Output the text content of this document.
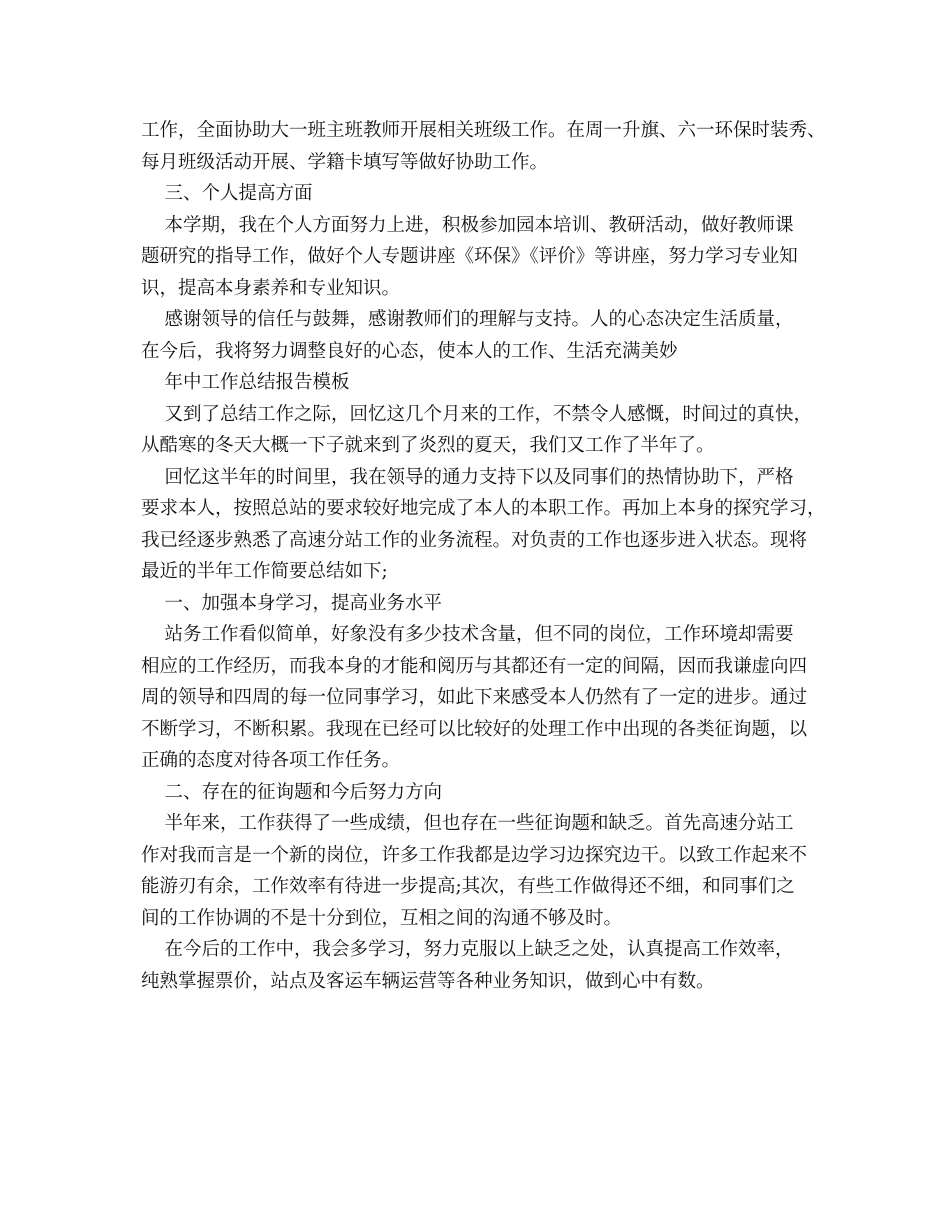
工作，全面协助大一班主班教师开展相关班级工作。在周一升旗、六一环保时装秀、
每月班级活动开展、学籍卡填写等做好协助工作。

三、个人提高方面

本学期，我在个人方面努力上进，积极参加园本培训、教研活动，做好教师课
题研究的指导工作，做好个人专题讲座《环保》《评价》等讲座，努力学习专业知
识，提高本身素养和专业知识。

感谢领导的信任与鼓舞，感谢教师们的理解与支持。人的心态决定生活质量，
在今后，我将努力调整良好的心态，使本人的工作、生活充满美妙

年中工作总结报告模板

又到了总结工作之际，回忆这几个月来的工作，不禁令人感慨，时间过的真快，
从酷寒的冬天大概一下子就来到了炎烈的夏天，我们又工作了半年了。

回忆这半年的时间里，我在领导的通力支持下以及同事们的热情协助下，严格
要求本人，按照总站的要求较好地完成了本人的本职工作。再加上本身的探究学习，
我已经逐步熟悉了高速分站工作的业务流程。对负责的工作也逐步进入状态。现将
最近的半年工作简要总结如下;

一、加强本身学习，提高业务水平

站务工作看似简单，好象没有多少技术含量，但不同的岗位，工作环境却需要
相应的工作经历，而我本身的才能和阅历与其都还有一定的间隔，因而我谦虚向四
周的领导和四周的每一位同事学习，如此下来感受本人仍然有了一定的进步。通过
不断学习，不断积累。我现在已经可以比较好的处理工作中出现的各类征询题，以
正确的态度对待各项工作任务。

二、存在的征询题和今后努力方向

半年来，工作获得了一些成绩，但也存在一些征询题和缺乏。首先高速分站工
作对我而言是一个新的岗位，许多工作我都是边学习边探究边干。以致工作起来不
能游刃有余，工作效率有待进一步提高;其次，有些工作做得还不细，和同事们之
间的工作协调的不是十分到位，互相之间的沟通不够及时。

在今后的工作中，我会多学习，努力克服以上缺乏之处，认真提高工作效率，
纯熟掌握票价，站点及客运车辆运营等各种业务知识，做到心中有数。
